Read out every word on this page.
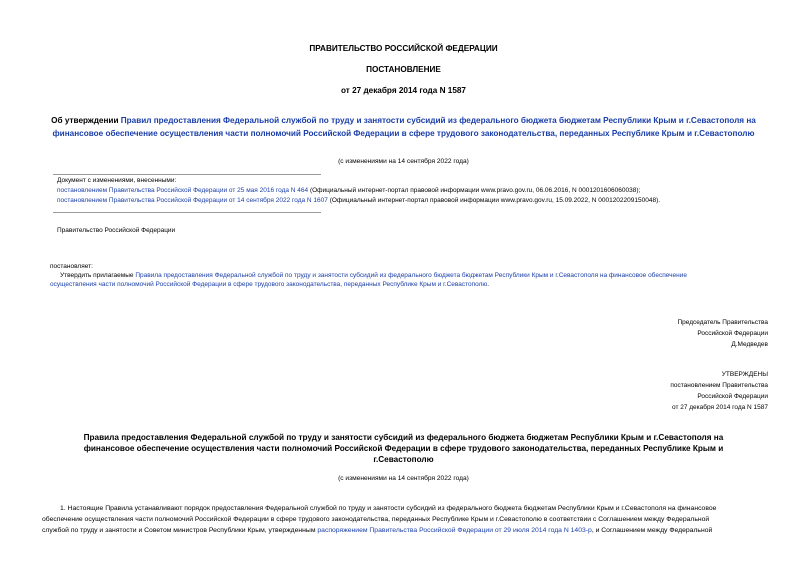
ПРАВИТЕЛЬСТВО РОССИЙСКОЙ ФЕДЕРАЦИИ
ПОСТАНОВЛЕНИЕ
от 27 декабря 2014 года N 1587
Об утверждении Правил предоставления Федеральной службой по труду и занятости субсидий из федерального бюджета бюджетам Республики Крым и г.Севастополя на финансовое обеспечение осуществления части полномочий Российской Федерации в сфере трудового законодательства, переданных Республике Крым и г.Севастополю
(с изменениями на 14 сентября 2022 года)
Документ с изменениями, внесенными:
постановлением Правительства Российской Федерации от 25 мая 2016 года N 464 (Официальный интернет-портал правовой информации www.pravo.gov.ru, 06.06.2016, N 0001201606060038);
постановлением Правительства Российской Федерации от 14 сентября 2022 года N 1607 (Официальный интернет-портал правовой информации www.pravo.gov.ru, 15.09.2022, N 0001202209150048).
Правительство Российской Федерации
постановляет:
Утвердить прилагаемые Правила предоставления Федеральной службой по труду и занятости субсидий из федерального бюджета бюджетам Республики Крым и г.Севастополя на финансовое обеспечение
осуществления части полномочий Российской Федерации в сфере трудового законодательства, переданных Республике Крым и г.Севастополю.
Председатель Правительства
Российской Федерации
Д.Медведев
УТВЕРЖДЕНЫ
постановлением Правительства
Российской Федерации
от 27 декабря 2014 года N 1587
Правила предоставления Федеральной службой по труду и занятости субсидий из федерального бюджета бюджетам Республики Крым и г.Севастополя на
финансовое обеспечение осуществления части полномочий Российской Федерации в сфере трудового законодательства, переданных Республике Крым и
г.Севастополю
(с изменениями на 14 сентября 2022 года)
1. Настоящие Правила устанавливают порядок предоставления Федеральной службой по труду и занятости субсидий из федерального бюджета бюджетам Республики Крым и г.Севастополя на финансовое
обеспечение осуществления части полномочий Российской Федерации в сфере трудового законодательства, переданных Республике Крым и г.Севастополю в соответствии с Соглашением между Федеральной
службой по труду и занятости и Советом министров Республики Крым, утвержденным распоряжением Правительства Российской Федерации от 29 июля 2014 года N 1403-р, и Соглашением между Федеральной
